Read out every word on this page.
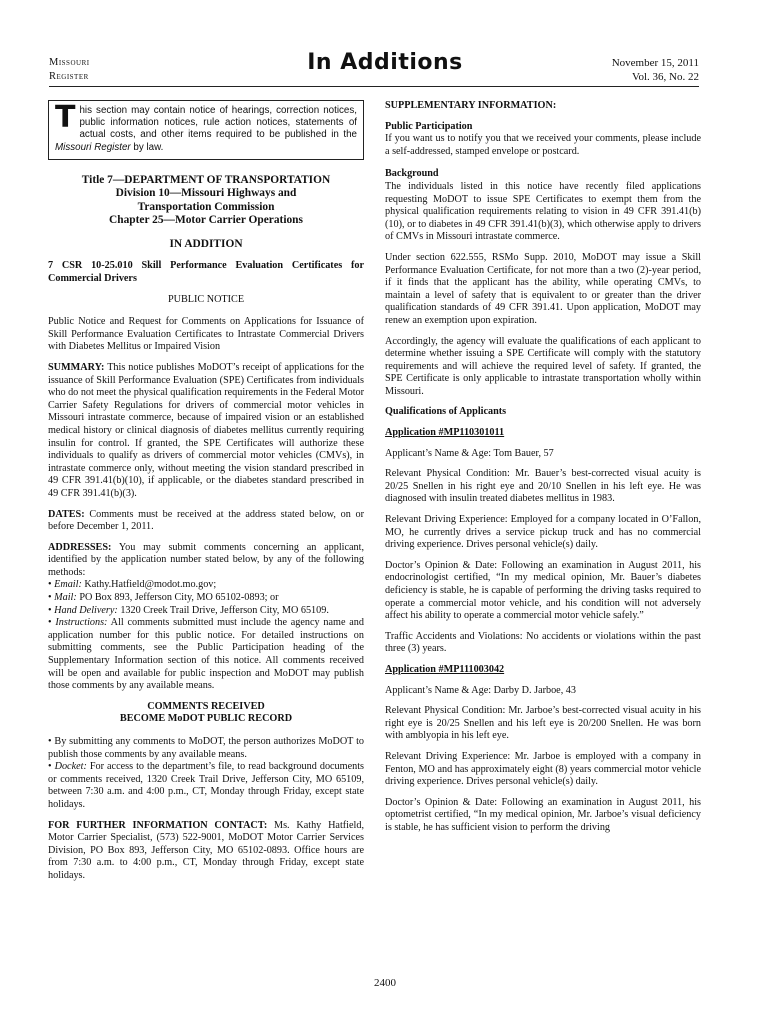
Missouri
Register
In Additions	November 15, 2011
Vol. 36, No. 22
This section may contain notice of hearings, correction notices, public information notices, rule action notices, statements of actual costs, and other items required to be published in the Missouri Register by law.
Title 7—DEPARTMENT OF TRANSPORTATION
Division 10—Missouri Highways and
Transportation Commission
Chapter 25—Motor Carrier Operations
IN ADDITION

7 CSR 10-25.010 Skill Performance Evaluation Certificates for Commercial Drivers

PUBLIC NOTICE

Public Notice and Request for Comments on Applications for Issuance of Skill Performance Evaluation Certificates to Intrastate Commercial Drivers with Diabetes Mellitus or Impaired Vision

SUMMARY: This notice publishes MoDOT’s receipt of applications for the issuance of Skill Performance Evaluation (SPE) Certificates from individuals who do not meet the physical qualification requirements in the Federal Motor Carrier Safety Regulations for drivers of commercial motor vehicles in Missouri intrastate commerce, because of impaired vision or an established medical history or clinical diagnosis of diabetes mellitus currently requiring insulin for control. If granted, the SPE Certificates will authorize these individuals to qualify as drivers of commercial motor vehicles (CMVs), in intrastate commerce only, without meeting the vision standard prescribed in 49 CFR 391.41(b)(10), if applicable, or the diabetes standard prescribed in 49 CFR 391.41(b)(3).

DATES: Comments must be received at the address stated below, on or before December 1, 2011.

ADDRESSES: You may submit comments concerning an applicant, identified by the application number stated below, by any of the following methods:
• Email: Kathy.Hatfield@modot.mo.gov;
• Mail: PO Box 893, Jefferson City, MO 65102-0893; or
• Hand Delivery: 1320 Creek Trail Drive, Jefferson City, MO 65109.
• Instructions: All comments submitted must include the agency name and application number for this public notice. For detailed instructions on submitting comments, see the Public Participation heading of the Supplementary Information section of this notice. All comments received will be open and available for public inspection and MoDOT may publish those comments by any available means.

COMMENTS RECEIVED
BECOME MoDOT PUBLIC RECORD

• By submitting any comments to MoDOT, the person authorizes MoDOT to publish those comments by any available means.
• Docket: For access to the department’s file, to read background documents or comments received, 1320 Creek Trail Drive, Jefferson City, MO 65109, between 7:30 a.m. and 4:00 p.m., CT, Monday through Friday, except state holidays.

FOR FURTHER INFORMATION CONTACT: Ms. Kathy Hatfield, Motor Carrier Specialist, (573) 522-9001, MoDOT Motor Carrier Services Division, PO Box 893, Jefferson City, MO 65102-0893. Office hours are from 7:30 a.m. to 4:00 p.m., CT, Monday through Friday, except state holidays.

SUPPLEMENTARY INFORMATION:

Public Participation
If you want us to notify you that we received your comments, please include a self-addressed, stamped envelope or postcard.

Background
The individuals listed in this notice have recently filed applications requesting MoDOT to issue SPE Certificates to exempt them from the physical qualification requirements relating to vision in 49 CFR 391.41(b)(10), or to diabetes in 49 CFR 391.41(b)(3), which otherwise apply to drivers of CMVs in Missouri intrastate commerce.

Under section 622.555, RSMo Supp. 2010, MoDOT may issue a Skill Performance Evaluation Certificate, for not more than a two (2)-year period, if it finds that the applicant has the ability, while operating CMVs, to maintain a level of safety that is equivalent to or greater than the driver qualification standards of 49 CFR 391.41. Upon application, MoDOT may renew an exemption upon expiration.

Accordingly, the agency will evaluate the qualifications of each applicant to determine whether issuing a SPE Certificate will comply with the statutory requirements and will achieve the required level of safety. If granted, the SPE Certificate is only applicable to intrastate transportation wholly within Missouri.

Qualifications of Applicants

Application #MP110301011

Applicant’s Name & Age: Tom Bauer, 57

Relevant Physical Condition: Mr. Bauer’s best-corrected visual acuity is 20/25 Snellen in his right eye and 20/10 Snellen in his left eye. He was diagnosed with insulin treated diabetes mellitus in 1983.

Relevant Driving Experience: Employed for a company located in O’Fallon, MO, he currently drives a service pickup truck and has no commercial driving experience. Drives personal vehicle(s) daily.

Doctor’s Opinion & Date: Following an examination in August 2011, his endocrinologist certified, “In my medical opinion, Mr. Bauer’s diabetes deficiency is stable, he is capable of performing the driving tasks required to operate a commercial motor vehicle, and his condition will not adversely affect his ability to operate a commercial motor vehicle safely.”

Traffic Accidents and Violations: No accidents or violations within the past three (3) years.

Application #MP111003042

Applicant’s Name & Age: Darby D. Jarboe, 43

Relevant Physical Condition: Mr. Jarboe’s best-corrected visual acuity in his right eye is 20/25 Snellen and his left eye is 20/200 Snellen. He was born with amblyopia in his left eye.

Relevant Driving Experience: Mr. Jarboe is employed with a company in Fenton, MO and has approximately eight (8) years commercial motor vehicle driving experience. Drives personal vehicle(s) daily.

Doctor’s Opinion & Date: Following an examination in August 2011, his optometrist certified, “In my medical opinion, Mr. Jarboe’s visual deficiency is stable, he has sufficient vision to perform the driving

2400
